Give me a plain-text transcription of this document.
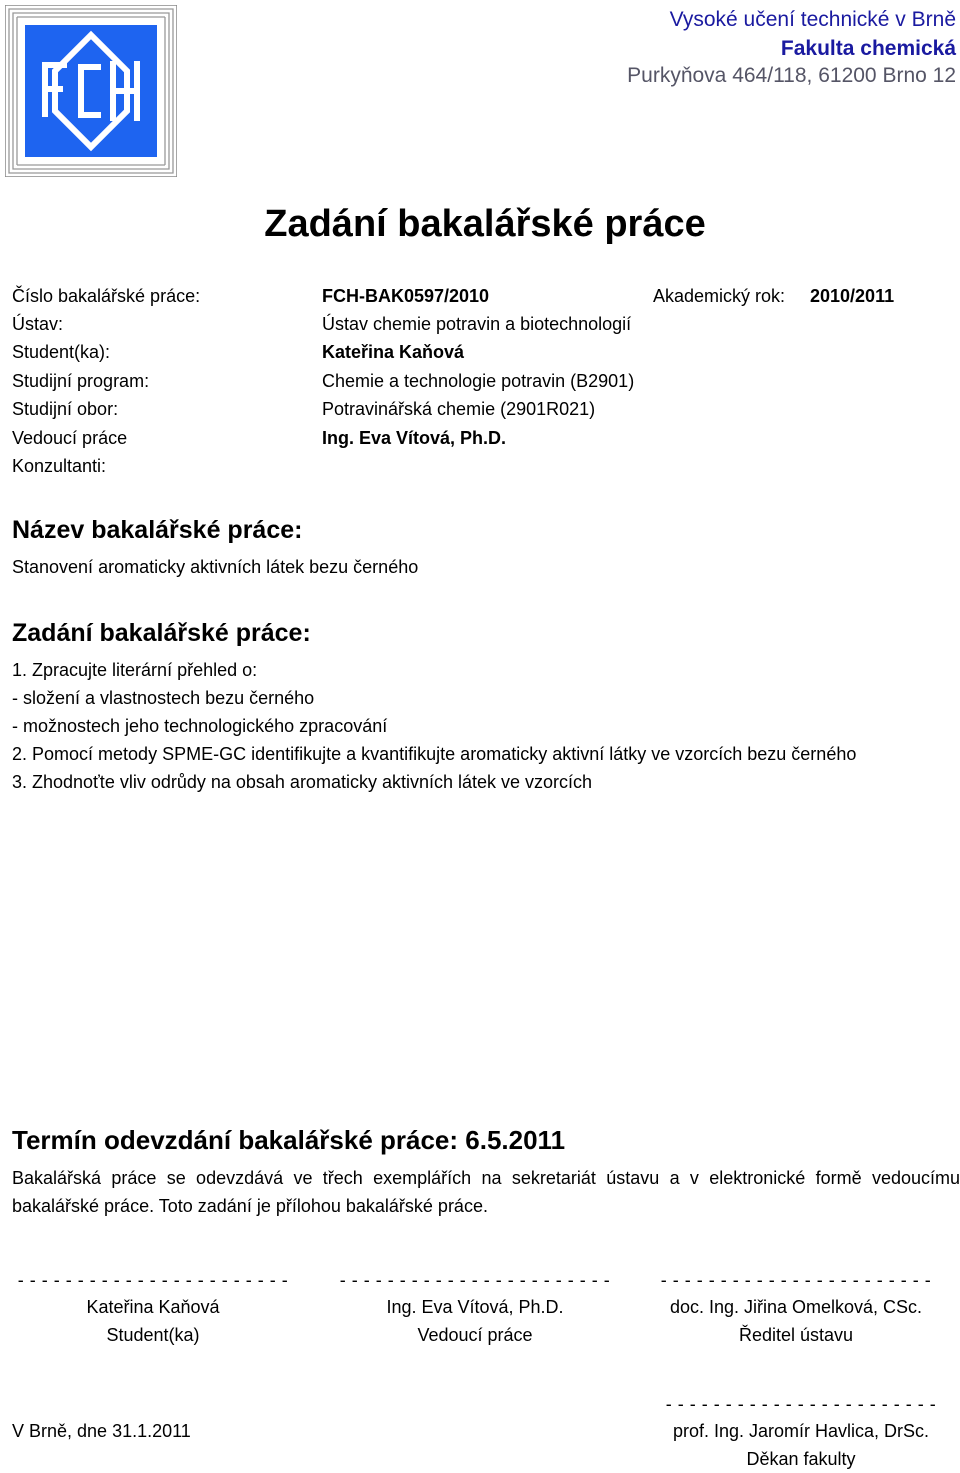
Vysoké učení technické v Brně
Fakulta chemická
Purkyňova 464/118, 61200 Brno 12
Zadání bakalářské práce
Číslo bakalářské práce:	FCH-BAK0597/2010	Akademický rok: 2010/2011
Ústav:	Ústav chemie potravin a biotechnologií
Student(ka):	Kateřina Kaňová
Studijní program:	Chemie a technologie potravin (B2901)
Studijní obor:	Potravinářská chemie (2901R021)
Vedoucí práce	Ing. Eva Vítová, Ph.D.
Konzultanti:
Název bakalářské práce:
Stanovení aromaticky aktivních látek bezu černého
Zadání bakalářské práce:
1. Zpracujte literární přehled o:
- složení a vlastnostech bezu černého
- možnostech jeho technologického zpracování
2. Pomocí metody SPME-GC identifikujte a kvantifikujte aromaticky aktivní látky ve vzorcích bezu černého
3. Zhodnoťte vliv odrůdy na obsah aromaticky aktivních látek ve vzorcích
Termín odevzdání bakalářské práce: 6.5.2011
Bakalářská práce se odevzdává ve třech exemplářích na sekretariát ústavu a v elektronické formě vedoucímu bakalářské práce. Toto zadání je přílohou bakalářské práce.
- - - - - - - - - - - - - - - - - - - - - - -	- - - - - - - - - - - - - - - - - - - - - - -	- - - - - - - - - - - - - - - - - - - - - - -
Kateřina Kaňová	Ing. Eva Vítová, Ph.D.	doc. Ing. Jiřina Omelková, CSc.
Student(ka)	Vedoucí práce	Ředitel ústavu
- - - - - - - - - - - - - - - - - - - - - - -
V Brně, dne 31.1.2011	prof. Ing. Jaromír Havlica, DrSc.
Děkan fakulty
